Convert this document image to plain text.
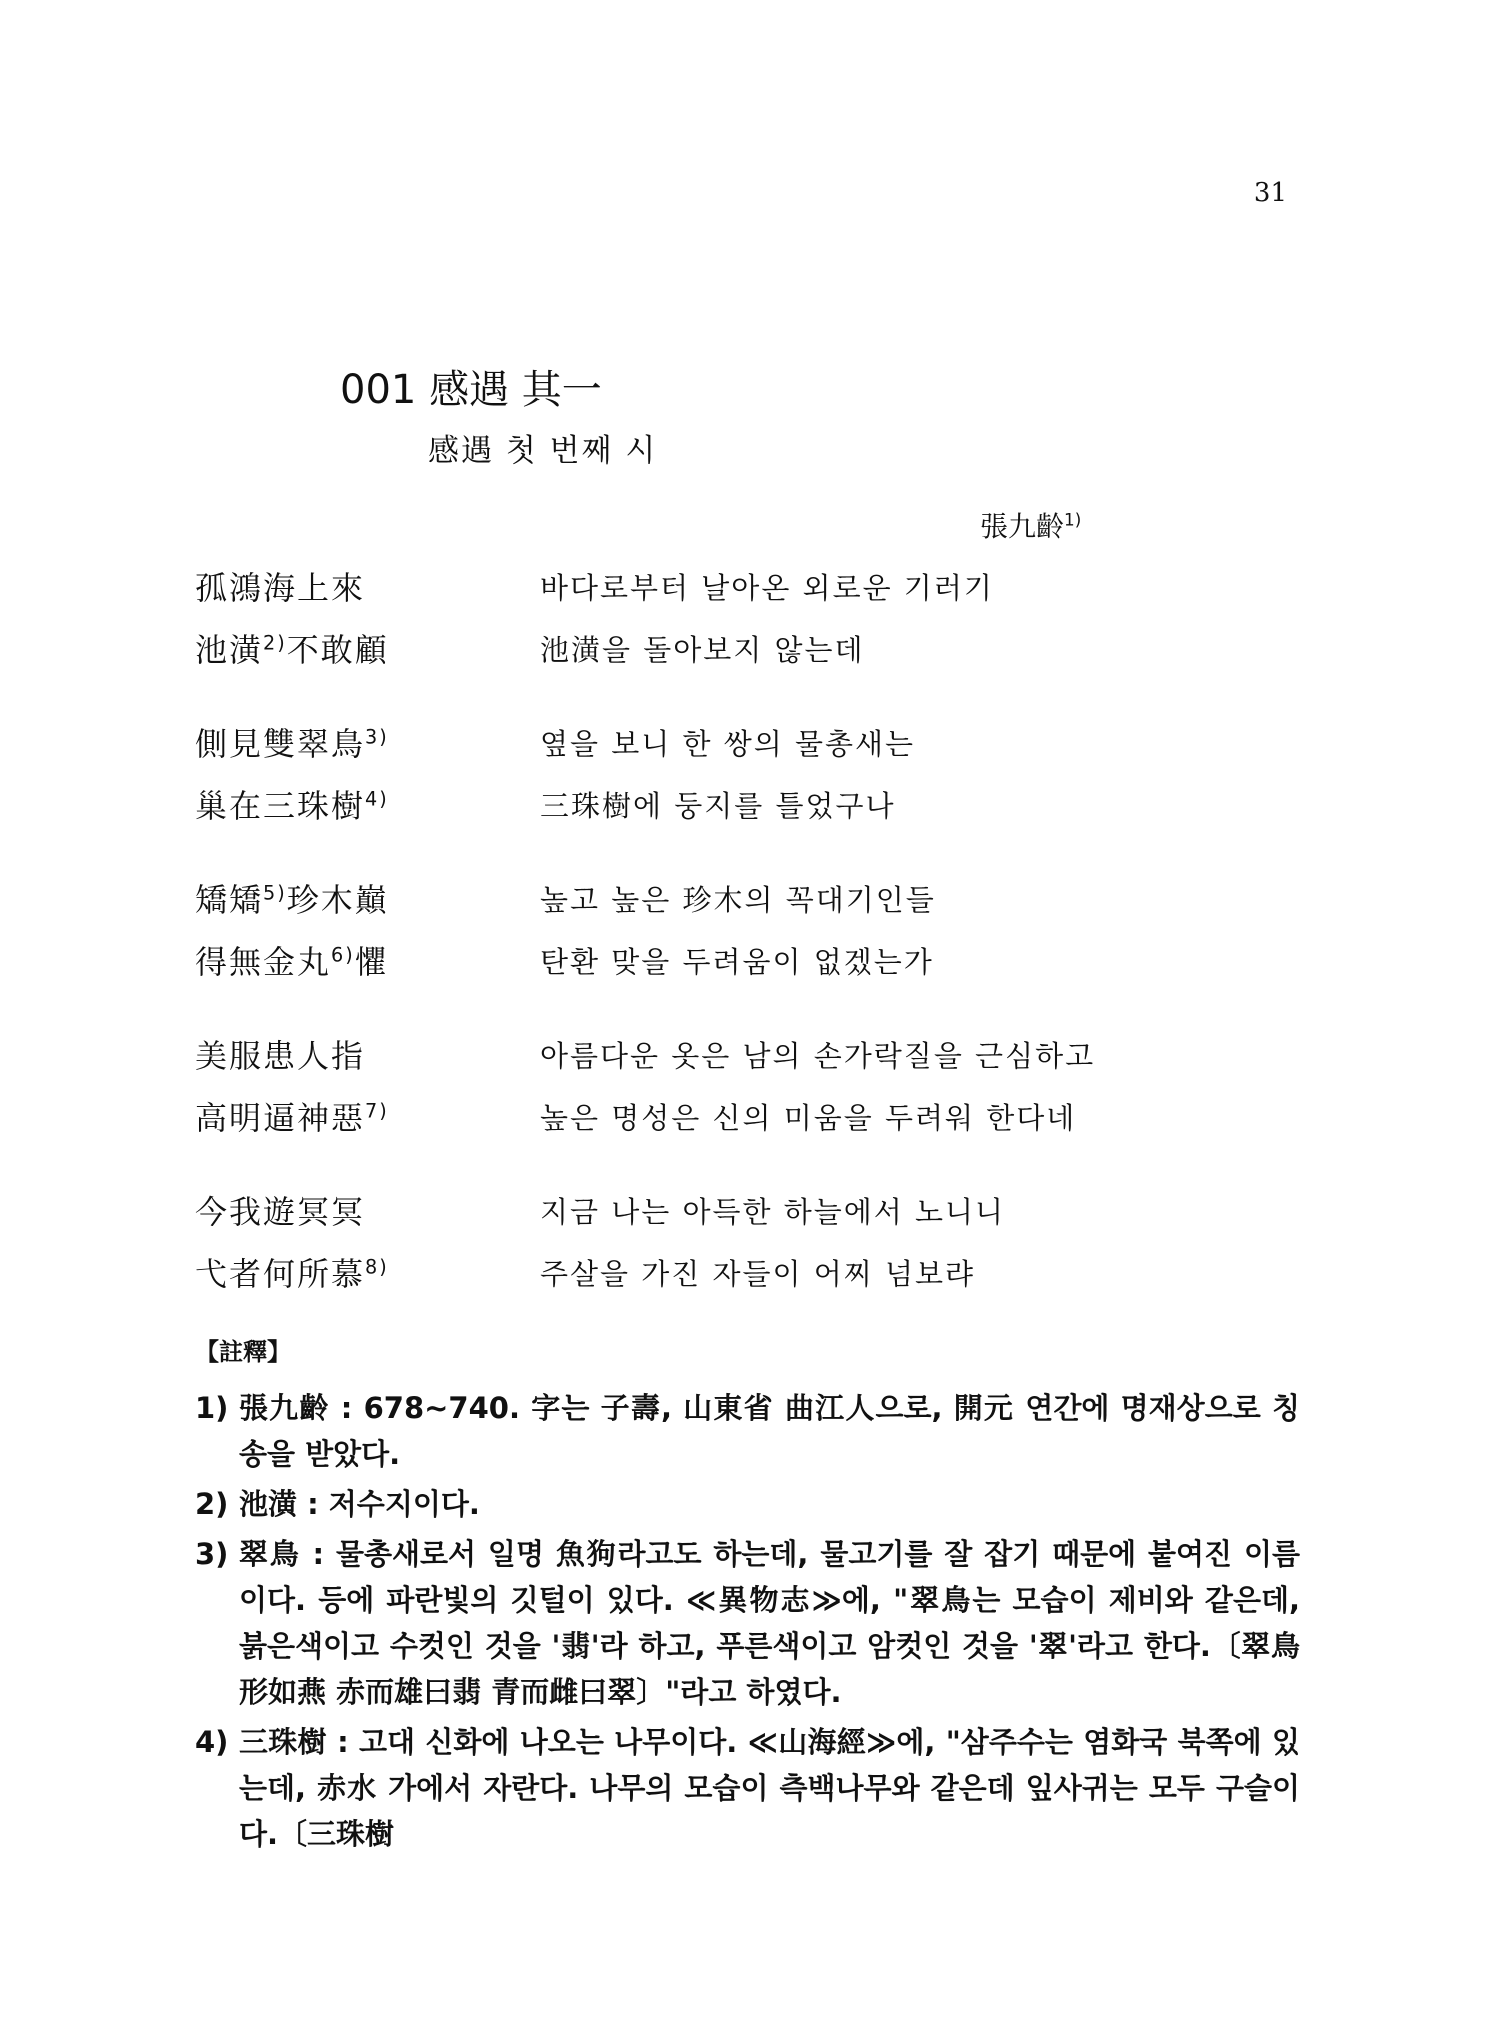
31
001 感遇 其一
感遇 첫 번째 시
張九齡$^{1)}$
孤鴻海上來	바다로부터 날아온 외로운 기러기
池潢$^{2)}$不敢顧	池潢을 돌아보지 않는데
側見雙翠鳥$^{3)}$	옆을 보니 한 쌍의 물총새는
巢在三珠樹$^{4)}$	三珠樹에 둥지를 틀었구나
矯矯$^{5)}$珍木巔	높고 높은 珍木의 꼭대기인들
得無金丸$^{6)}$懼	탄환 맞을 두려움이 없겠는가
美服患人指	아름다운 옷은 남의 손가락질을 근심하고
高明逼神惡$^{7)}$	높은 명성은 신의 미움을 두려워 한다네
今我遊冥冥	지금 나는 아득한 하늘에서 노니니
弋者何所慕$^{8)}$	주살을 가진 자들이 어찌 넘보랴
【註釋】
1) 張九齡 : 678~740. 字는 子壽, 山東省 曲江人으로, 開元 연간에 명재상으로 칭송을 받았다.
2) 池潢 : 저수지이다.
3) 翠鳥 : 물총새로서 일명 魚狗라고도 하는데, 물고기를 잘 잡기 때문에 붙여진 이름이다. 등에 파란빛의 깃털이 있다. ≪異物志≫에, "翠鳥는 모습이 제비와 같은데, 붉은색이고 수컷인 것을 '翡'라 하고, 푸른색이고 암컷인 것을 '翠'라고 한다.〔翠鳥形如燕 赤而雄曰翡 青而雌曰翠〕"라고 하였다.
4) 三珠樹 : 고대 신화에 나오는 나무이다. ≪山海經≫에, "삼주수는 염화국 북쪽에 있는데, 赤水 가에서 자란다. 나무의 모습이 측백나무와 같은데 잎사귀는 모두 구슬이다.〔三珠樹
